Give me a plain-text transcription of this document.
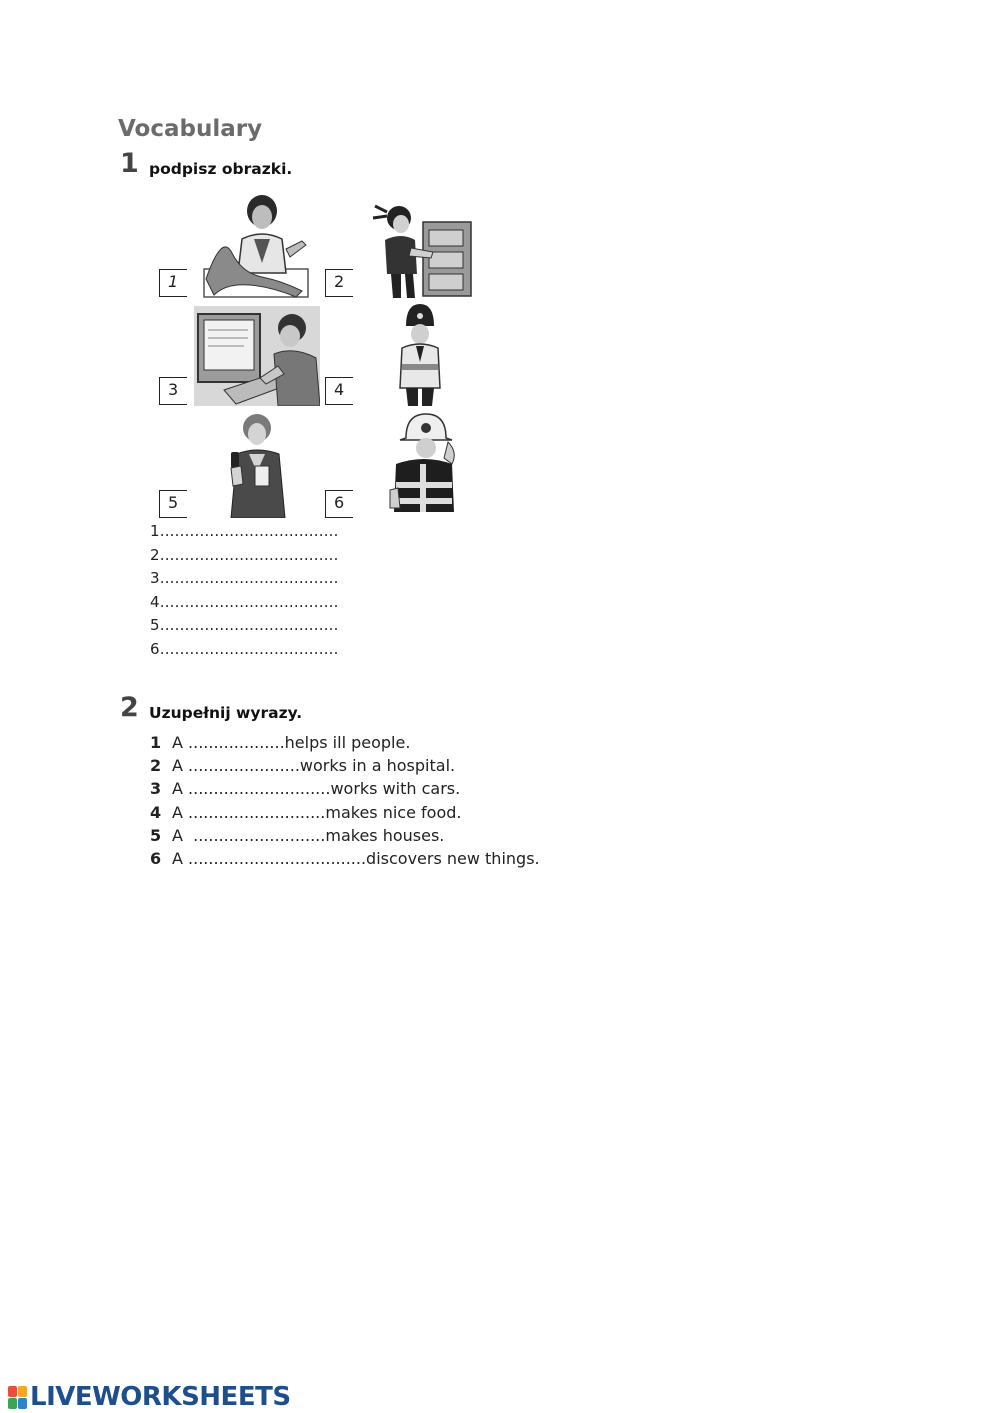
Vocabulary
1 podpisz obrazki.
1	2
3	4
5	6
1....................................
2....................................
3....................................
4....................................
5....................................
6....................................
2 Uzupełnij wyrazy.
1 A ...................helps ill people.
2 A ......................works in a hospital.
3 A ............................works with cars.
4 A ...........................makes nice food.
5 A  ..........................makes houses.
6 A ...................................discovers new things.
LIVEWORKSHEETS
